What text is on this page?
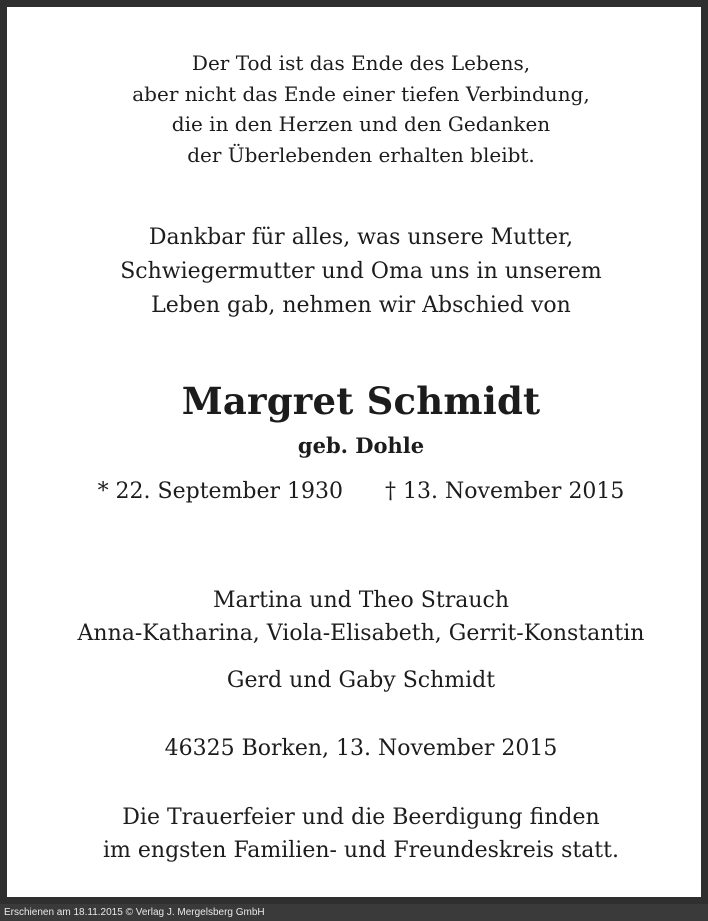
Der Tod ist das Ende des Lebens,
aber nicht das Ende einer tiefen Verbindung,
die in den Herzen und den Gedanken
der Überlebenden erhalten bleibt.
Dankbar für alles, was unsere Mutter,
Schwiegermutter und Oma uns in unserem
Leben gab, nehmen wir Abschied von
Margret Schmidt
geb. Dohle
* 22. September 1930 † 13. November 2015
Martina und Theo Strauch
Anna-Katharina, Viola-Elisabeth, Gerrit-Konstantin
Gerd und Gaby Schmidt
46325 Borken, 13. November 2015
Die Trauerfeier und die Beerdigung finden
im engsten Familien- und Freundeskreis statt.
Erschienen am 18.11.2015 © Verlag J. Mergelsberg GmbH
